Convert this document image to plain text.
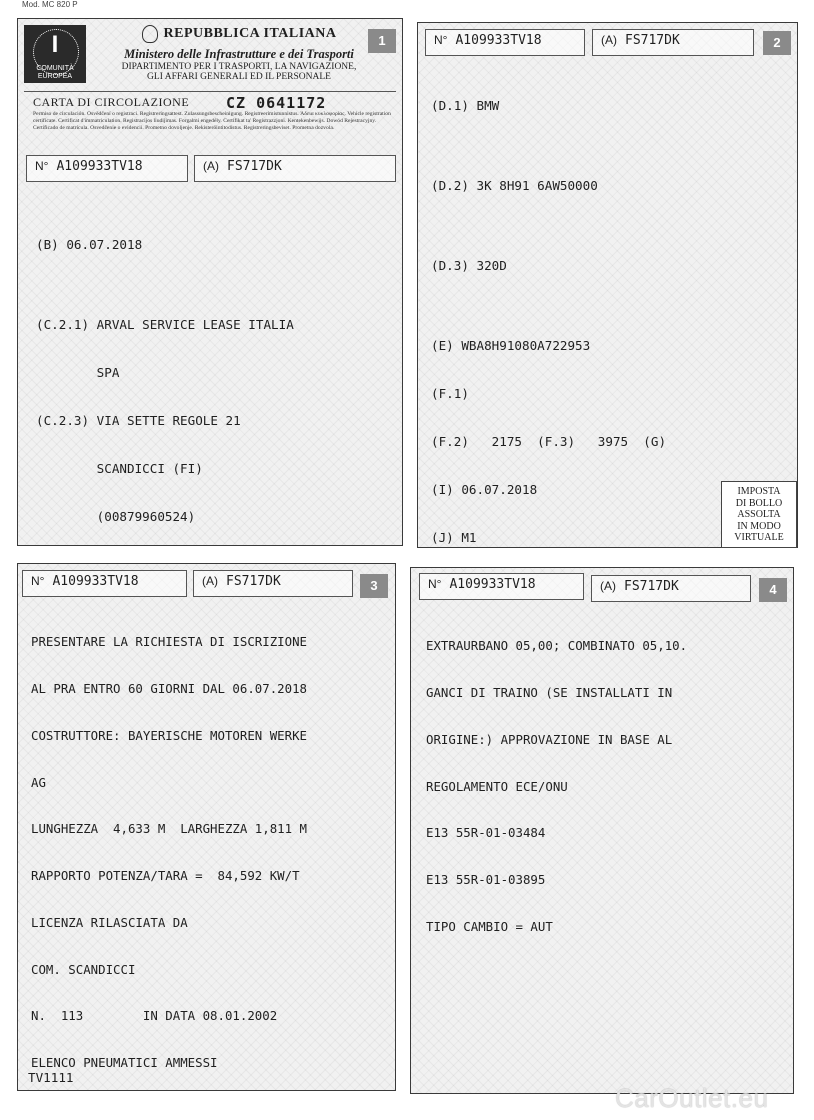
Mod. MC 820 P
1
I
COMUNITÀ EUROPEA
REPUBBLICA ITALIANA
Ministero delle Infrastrutture e dei Trasporti
DIPARTIMENTO PER I TRASPORTI, LA NAVIGAZIONE,
GLI AFFARI GENERALI ED IL PERSONALE
CARTA DI CIRCOLAZIONE CZ 0641172
Permiso de circulación. Osvědčení o registraci. Registreringsattest. Zulassungsbescheinigung. Registreerimistunnistus. Άδεια κυκλοφορίας. Vehicle registration certificate. Certificat d'immatriculation. Registracijos liudijimas. Forgalmi engedély. Certifikat ta' Registrazzjoni. Kentekenbewijs. Dowód Rejestracyjny. Certificado de matrícula. Osvedčenie o evidencii. Prometno dovoljenje. Rekisteröintitodistus. Registreringsbeviset. Prometna dozvola.
N° A109933TV18	(A) FS717DK

(B) 06.07.2018

(C.2.1) ARVAL SERVICE LEASE ITALIA

SPA

(C.2.3) VIA SETTE REGOLE 21

SCANDICCI (FI)

(00879960524)

2
N° A109933TV18	(A) FS717DK

(D.1) BMW

(D.2) 3K 8H91 6AW50000

(D.3) 320D

(E) WBA8H91080A722953

(F.1)

(F.2)   2175  (F.3)   3975  (G)

(I) 06.07.2018

(J) M1

IMPOSTA
DI BOLLO
ASSOLTA
IN MODO
VIRTUALE
3
N° A109933TV18	(A) FS717DK

PRESENTARE LA RICHIESTA DI ISCRIZIONE

AL PRA ENTRO 60 GIORNI DAL 06.07.2018

COSTRUTTORE: BAYERISCHE MOTOREN WERKE

AG

LUNGHEZZA  4,633 M  LARGHEZZA 1,811 M

RAPPORTO POTENZA/TARA =  84,592 KW/T

LICENZA RILASCIATA DA

COM. SCANDICCI

N.  113        IN DATA 08.01.2002

ELENCO PNEUMATICI AMMESSI

TV1111
4
N° A109933TV18	(A) FS717DK

EXTRAURBANO 05,00; COMBINATO 05,10.

GANCI DI TRAINO (SE INSTALLATI IN

ORIGINE:) APPROVAZIONE IN BASE AL

REGOLAMENTO ECE/ONU

E13 55R-01-03484

E13 55R-01-03895

TIPO CAMBIO = AUT

CarOutlet.eu
